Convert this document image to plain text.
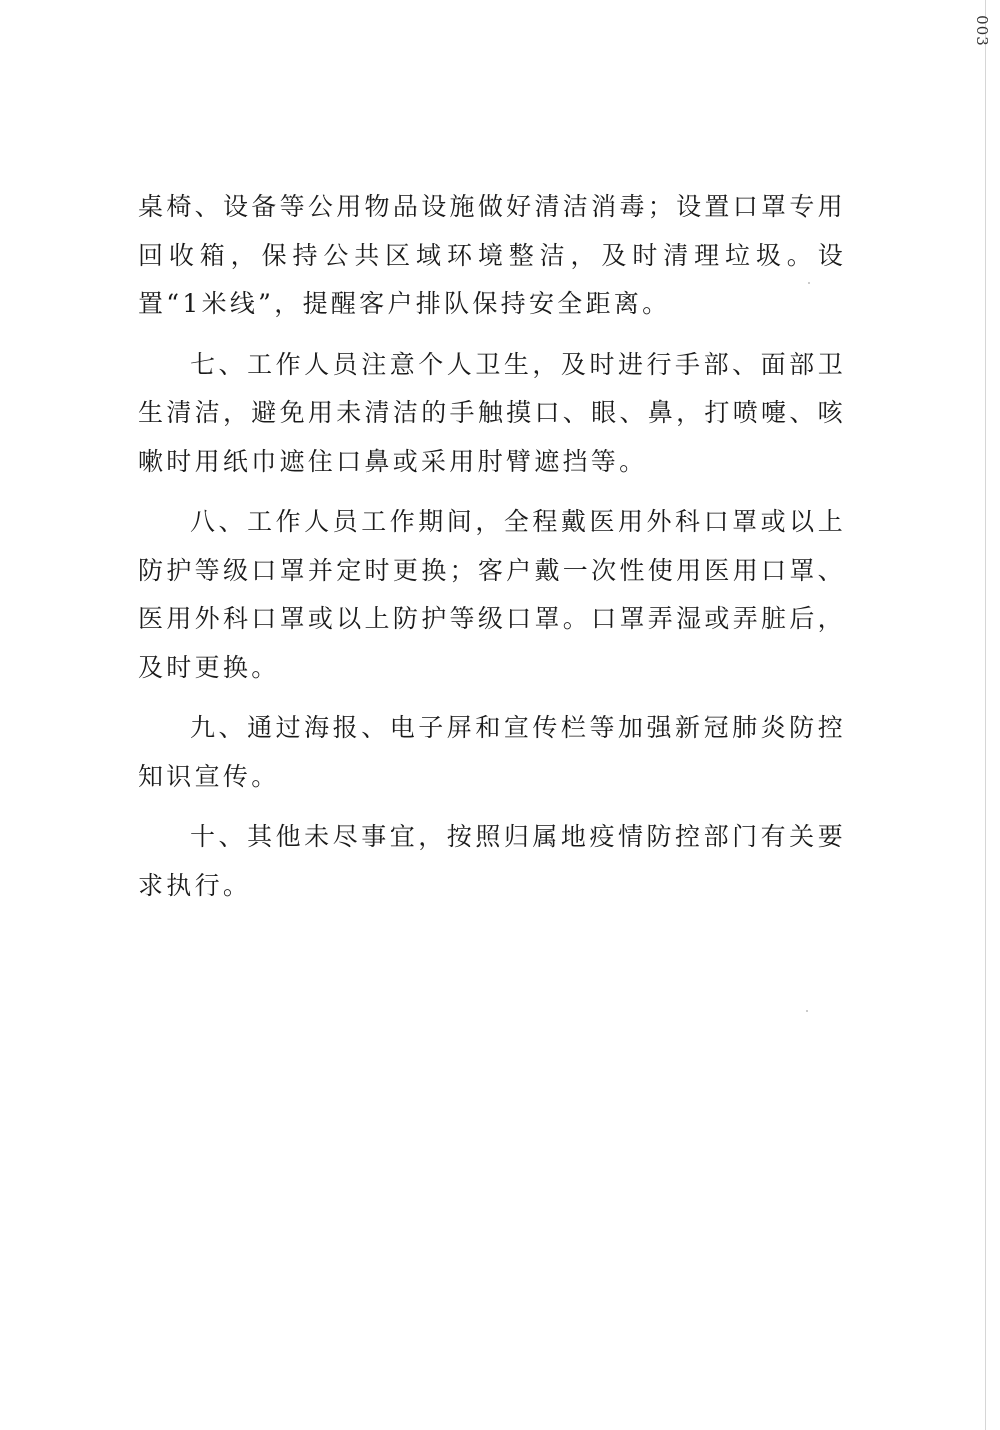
003

桌椅、设备等公用物品设施做好清洁消毒；设置口罩专用回收箱，保持公共区域环境整洁，及时清理垃圾。设置“1米线”，提醒客户排队保持安全距离。

七、工作人员注意个人卫生，及时进行手部、面部卫生清洁，避免用未清洁的手触摸口、眼、鼻，打喷嚏、咳嗽时用纸巾遮住口鼻或采用肘臂遮挡等。

八、工作人员工作期间，全程戴医用外科口罩或以上防护等级口罩并定时更换；客户戴一次性使用医用口罩、医用外科口罩或以上防护等级口罩。口罩弄湿或弄脏后，及时更换。

九、通过海报、电子屏和宣传栏等加强新冠肺炎防控知识宣传。

十、其他未尽事宜，按照归属地疫情防控部门有关要求执行。
